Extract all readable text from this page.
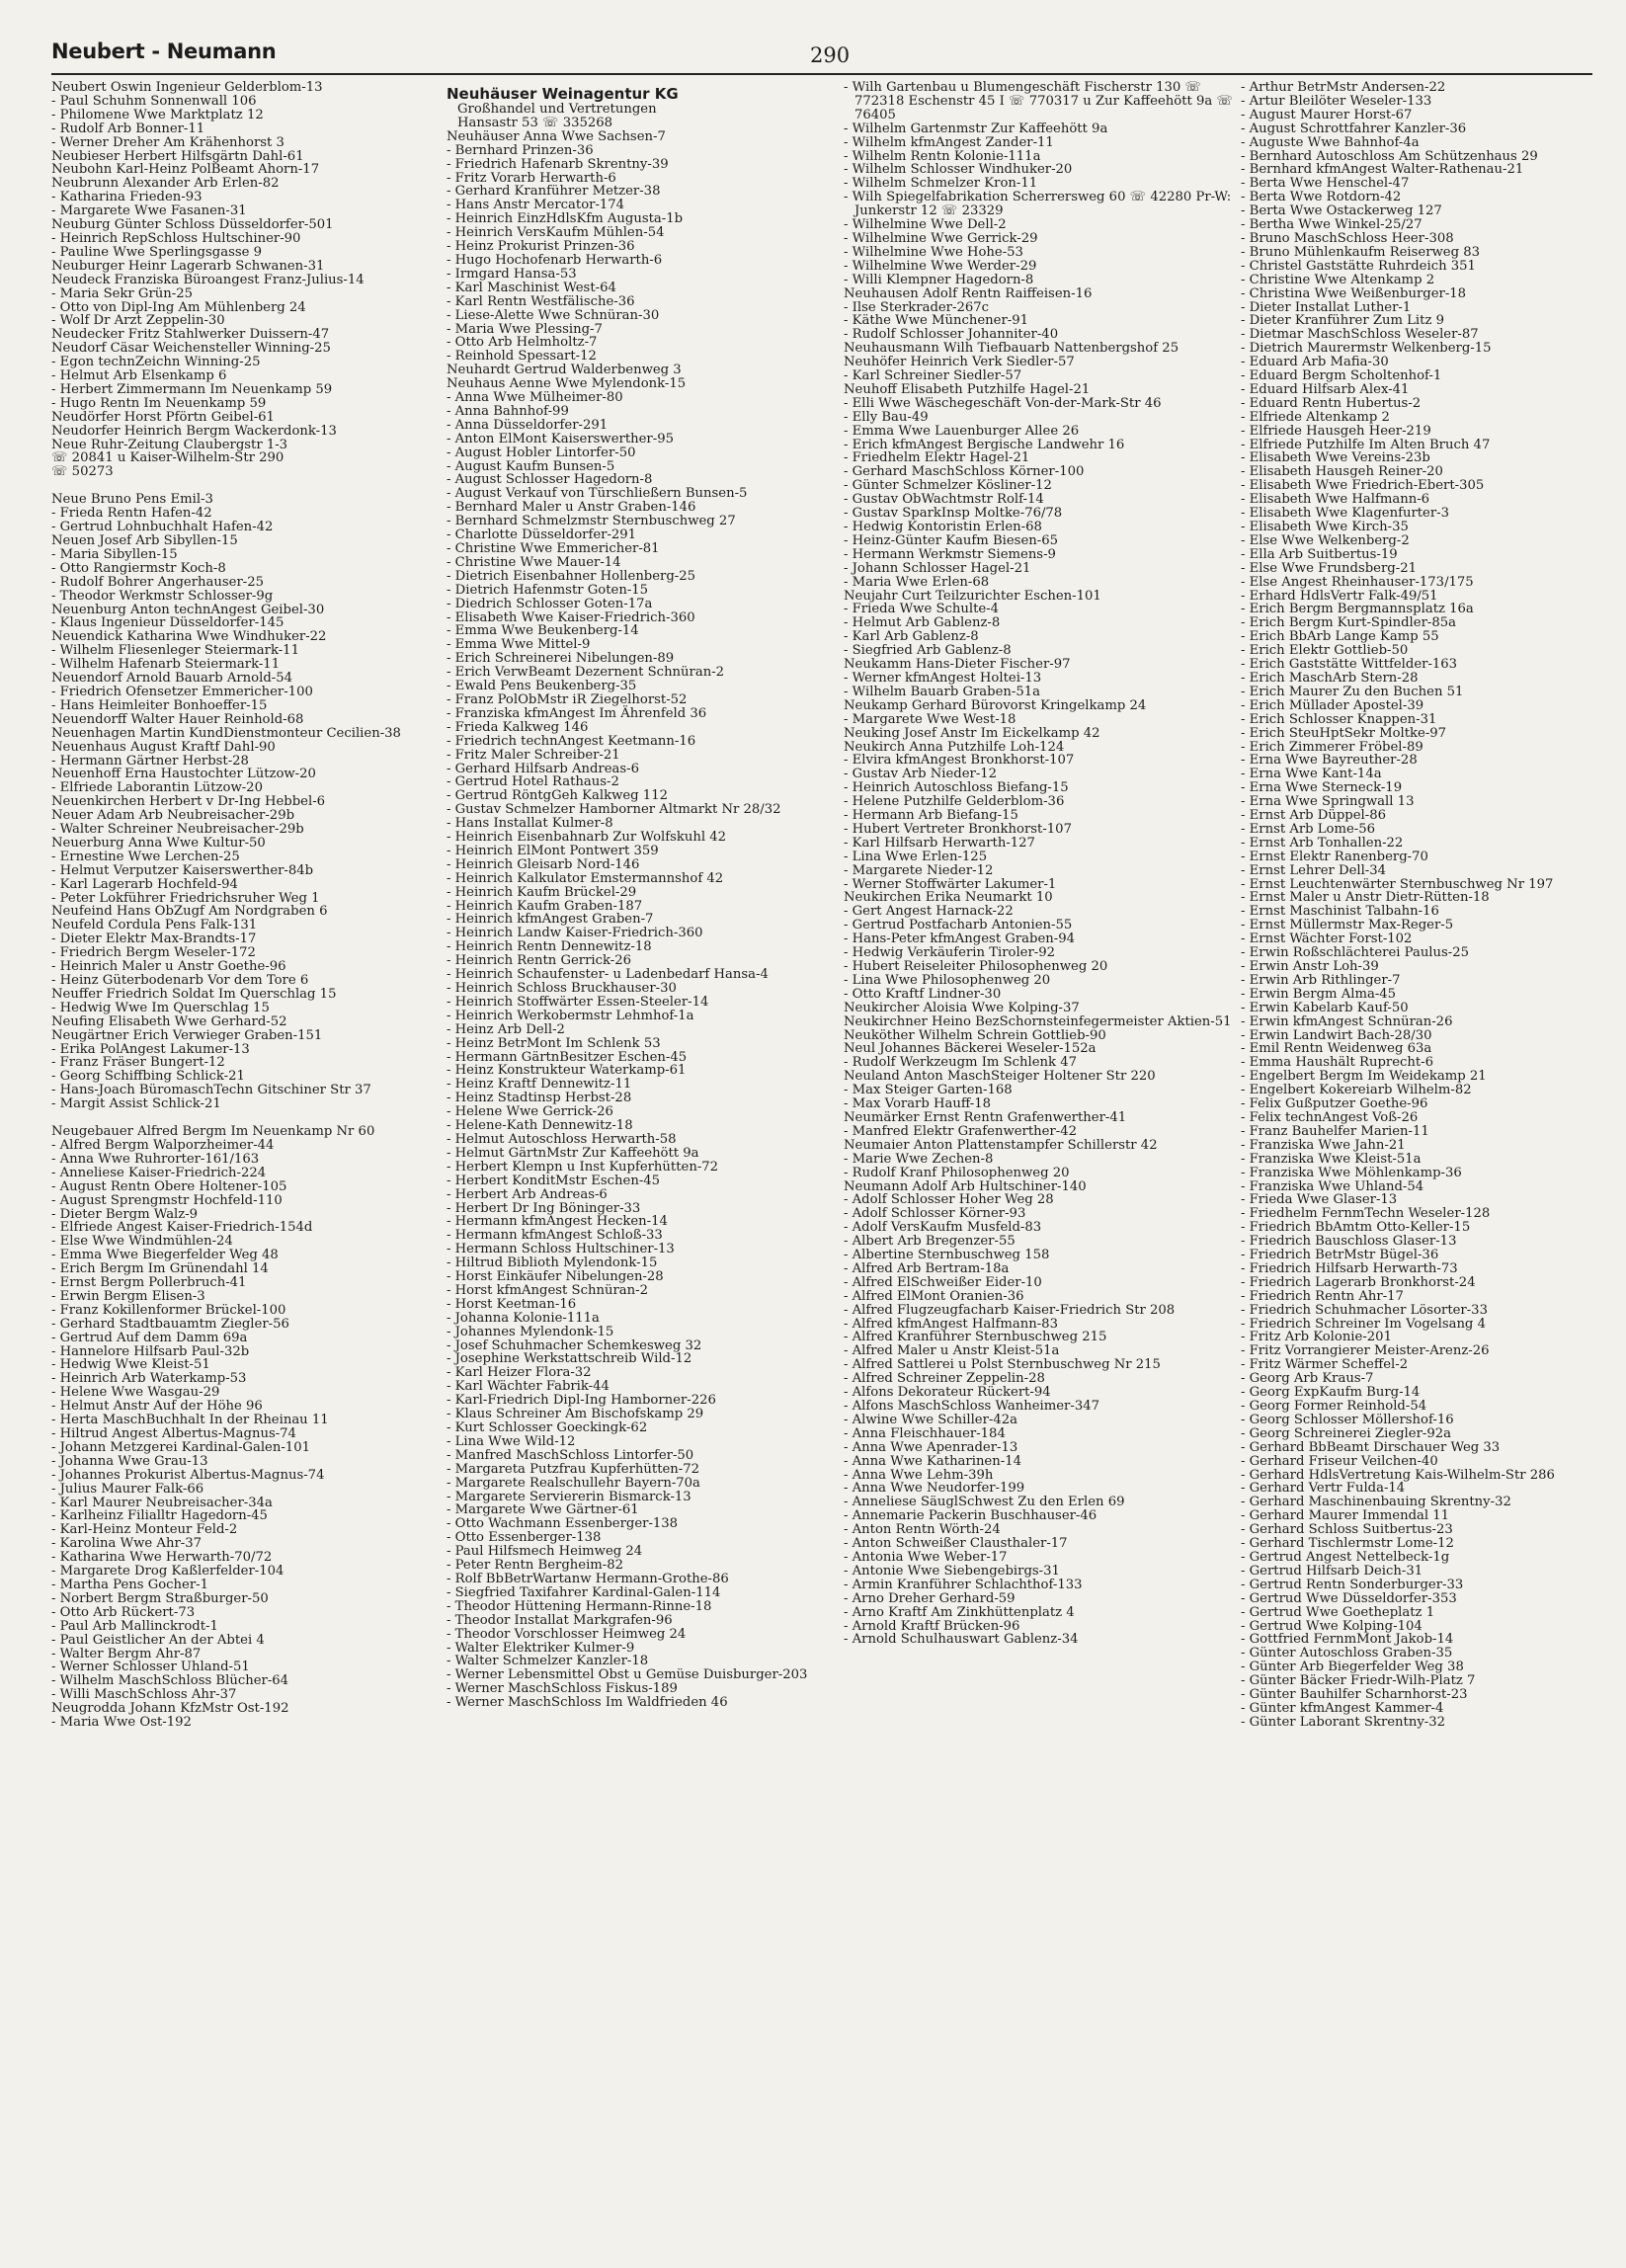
Neubert - Neumann	290
Neubert Oswin Ingenieur Gelderblom-13
- Paul Schuhm Sonnenwall 106
- Philomene Wwe Marktplatz 12
- Rudolf Arb Bonner-11
- Werner Dreher Am Krähenhorst 3
Neubieser Herbert Hilfsgärtn Dahl-61
Neubohn Karl-Heinz PolBeamt Ahorn-17
Neubrunn Alexander Arb Erlen-82
- Katharina Frieden-93
- Margarete Wwe Fasanen-31
Neuburg Günter Schloss Düsseldorfer-501
- Heinrich RepSchloss Hultschiner-90
- Pauline Wwe Sperlingsgasse 9
Neuburger Heinr Lagerarb Schwanen-31
Neudeck Franziska Büroangest Franz-Julius-14
- Maria Sekr Grün-25
- Otto von Dipl-Ing Am Mühlenberg 24
- Wolf Dr Arzt Zeppelin-30
Neudecker Fritz Stahlwerker Duissern-47
Neudorf Cäsar Weichensteller Winning-25
- Egon technZeichn Winning-25
- Helmut Arb Elsenkamp 6
- Herbert Zimmermann Im Neuenkamp 59
- Hugo Rentn Im Neuenkamp 59
Neudörfer Horst Pförtn Geibel-61
Neudorfer Heinrich Bergm Wackerdonk-13
Neue Ruhr-Zeitung Claubergstr 1-3
☏ 20841 u Kaiser-Wilhelm-Str 290
☏ 50273
Neue Bruno Pens Emil-3
- Frieda Rentn Hafen-42
- Gertrud Lohnbuchhalt Hafen-42
Neuen Josef Arb Sibyllen-15
- Maria Sibyllen-15
- Otto Rangiermstr Koch-8
- Rudolf Bohrer Angerhauser-25
- Theodor Werkmstr Schlosser-9g
Neuenburg Anton technAngest Geibel-30
- Klaus Ingenieur Düsseldorfer-145
Neuendick Katharina Wwe Windhuker-22
- Wilhelm Fliesenleger Steiermark-11
- Wilhelm Hafenarb Steiermark-11
Neuendorf Arnold Bauarb Arnold-54
- Friedrich Ofensetzer Emmericher-100
- Hans Heimleiter Bonhoeffer-15
Neuendorff Walter Hauer Reinhold-68
Neuenhagen Martin KundDienstmonteur Cecilien-38
Neuenhaus August Kraftf Dahl-90
- Hermann Gärtner Herbst-28
Neuenhoff Erna Haustochter Lützow-20
- Elfriede Laborantin Lützow-20
Neuenkirchen Herbert v Dr-Ing Hebbel-6
Neuer Adam Arb Neubreisacher-29b
- Walter Schreiner Neubreisacher-29b
Neuerburg Anna Wwe Kultur-50
- Ernestine Wwe Lerchen-25
- Helmut Verputzer Kaiserswerther-84b
- Karl Lagerarb Hochfeld-94
- Peter Lokführer Friedrichsruher Weg 1
Neufeind Hans ObZugf Am Nordgraben 6
Neufeld Cordula Pens Falk-131
- Dieter Elektr Max-Brandts-17
- Friedrich Bergm Weseler-172
- Heinrich Maler u Anstr Goethe-96
- Heinz Güterbodenarb Vor dem Tore 6
Neuffer Friedrich Soldat Im Querschlag 15
- Hedwig Wwe Im Querschlag 15
Neufing Elisabeth Wwe Gerhard-52
Neugärtner Erich Verwieger Graben-151
- Erika PolAngest Lakumer-13
- Franz Fräser Bungert-12
- Georg Schiffbing Schlick-21
- Hans-Joach BüromaschTechn Gitschiner Str 37
- Margit Assist Schlick-21
Neugebauer Alfred Bergm Im Neuenkamp Nr 60
- Alfred Bergm Walporzheimer-44
- Anna Wwe Ruhrorter-161/163
- Anneliese Kaiser-Friedrich-224
- August Rentn Obere Holtener-105
- August Sprengmstr Hochfeld-110
- Dieter Bergm Walz-9
- Elfriede Angest Kaiser-Friedrich-154d
- Else Wwe Windmühlen-24
- Emma Wwe Biegerfelder Weg 48
- Erich Bergm Im Grünendahl 14
- Ernst Bergm Pollerbruch-41
- Erwin Bergm Elisen-3
- Franz Kokillenformer Brückel-100
- Gerhard Stadtbauamtm Ziegler-56
- Gertrud Auf dem Damm 69a
- Hannelore Hilfsarb Paul-32b
- Hedwig Wwe Kleist-51
- Heinrich Arb Waterkamp-53
- Helene Wwe Wasgau-29
- Helmut Anstr Auf der Höhe 96
- Herta MaschBuchhalt In der Rheinau 11
- Hiltrud Angest Albertus-Magnus-74
- Johann Metzgerei Kardinal-Galen-101
- Johanna Wwe Grau-13
- Johannes Prokurist Albertus-Magnus-74
- Julius Maurer Falk-66
- Karl Maurer Neubreisacher-34a
- Karlheinz Filialltr Hagedorn-45
- Karl-Heinz Monteur Feld-2
- Karolina Wwe Ahr-37
- Katharina Wwe Herwarth-70/72
- Margarete Drog Kaßlerfelder-104
- Martha Pens Gocher-1
- Norbert Bergm Straßburger-50
- Otto Arb Rückert-73
- Paul Arb Mallinckrodt-1
- Paul Geistlicher An der Abtei 4
- Walter Bergm Ahr-87
- Werner Schlosser Uhland-51
- Wilhelm MaschSchloss Blücher-64
- Willi MaschSchloss Ahr-37
Neugrodda Johann KfzMstr Ost-192
- Maria Wwe Ost-192
Neuhäuser Weinagentur KG
Großhandel und Vertretungen
Hansastr 53 ☏ 335268
Neuhäuser Anna Wwe Sachsen-7
- Bernhard Prinzen-36
- Friedrich Hafenarb Skrentny-39
- Fritz Vorarb Herwarth-6
- Gerhard Kranführer Metzer-38
- Hans Anstr Mercator-174
- Heinrich EinzHdlsKfm Augusta-1b
- Heinrich VersKaufm Mühlen-54
- Heinz Prokurist Prinzen-36
- Hugo Hochofenarb Herwarth-6
- Irmgard Hansa-53
- Karl Maschinist West-64
- Karl Rentn Westfälische-36
- Liese-Alette Wwe Schnüran-30
- Maria Wwe Plessing-7
- Otto Arb Helmholtz-7
- Reinhold Spessart-12
Neuhardt Gertrud Walderbenweg 3
Neuhaus Aenne Wwe Mylendonk-15
- Anna Wwe Mülheimer-80
- Anna Bahnhof-99
- Anna Düsseldorfer-291
- Anton ElMont Kaiserswerther-95
- August Hobler Lintorfer-50
- August Kaufm Bunsen-5
- August Schlosser Hagedorn-8
- August Verkauf von Türschließern Bunsen-5
- Bernhard Maler u Anstr Graben-146
- Bernhard Schmelzmstr Sternbuschweg 27
- Charlotte Düsseldorfer-291
- Christine Wwe Emmericher-81
- Christine Wwe Mauer-14
- Dietrich Eisenbahner Hollenberg-25
- Dietrich Hafenmstr Goten-15
- Diedrich Schlosser Goten-17a
- Elisabeth Wwe Kaiser-Friedrich-360
- Emma Wwe Beukenberg-14
- Emma Wwe Mittel-9
- Erich Schreinerei Nibelungen-89
- Erich VerwBeamt Dezernent Schnüran-2
- Ewald Pens Beukenberg-35
- Franz PolObMstr iR Ziegelhorst-52
- Franziska kfmAngest Im Ährenfeld 36
- Frieda Kalkweg 146
- Friedrich technAngest Keetmann-16
- Fritz Maler Schreiber-21
- Gerhard Hilfsarb Andreas-6
- Gertrud Hotel Rathaus-2
- Gertrud RöntgGeh Kalkweg 112
- Gustav Schmelzer Hamborner Altmarkt Nr 28/32
- Hans Installat Kulmer-8
- Heinrich Eisenbahnarb Zur Wolfskuhl 42
- Heinrich ElMont Pontwert 359
- Heinrich Gleisarb Nord-146
- Heinrich Kalkulator Emstermannshof 42
- Heinrich Kaufm Brückel-29
- Heinrich Kaufm Graben-187
- Heinrich kfmAngest Graben-7
- Heinrich Landw Kaiser-Friedrich-360
- Heinrich Rentn Dennewitz-18
- Heinrich Rentn Gerrick-26
- Heinrich Schaufenster- u Ladenbedarf Hansa-4
- Heinrich Schloss Bruckhauser-30
- Heinrich Stoffwärter Essen-Steeler-14
- Heinrich Werkobermstr Lehmhof-1a
- Heinz Arb Dell-2
- Heinz BetrMont Im Schlenk 53
- Hermann GärtnBesitzer Eschen-45
- Heinz Konstrukteur Waterkamp-61
- Heinz Kraftf Dennewitz-11
- Heinz Stadtinsp Herbst-28
- Helene Wwe Gerrick-26
- Helene-Kath Dennewitz-18
- Helmut Autoschloss Herwarth-58
- Helmut GärtnMstr Zur Kaffeehött 9a
- Herbert Klempn u Inst Kupferhütten-72
- Herbert KonditMstr Eschen-45
- Herbert Arb Andreas-6
- Herbert Dr Ing Böninger-33
- Hermann kfmAngest Hecken-14
- Hermann kfmAngest Schloß-33
- Hermann Schloss Hultschiner-13
- Hiltrud Biblioth Mylendonk-15
- Horst Einkäufer Nibelungen-28
- Horst kfmAngest Schnüran-2
- Horst Keetman-16
- Johanna Kolonie-111a
- Johannes Mylendonk-15
- Josef Schuhmacher Schemkesweg 32
- Josephine Werkstattschreib Wild-12
- Karl Heizer Flora-32
- Karl Wächter Fabrik-44
- Karl-Friedrich Dipl-Ing Hamborner-226
- Klaus Schreiner Am Bischofskamp 29
- Kurt Schlosser Goeckingk-62
- Lina Wwe Wild-12
- Manfred MaschSchloss Lintorfer-50
- Margareta Putzfrau Kupferhütten-72
- Margarete Realschullehr Bayern-70a
- Margarete Serviererin Bismarck-13
- Margarete Wwe Gärtner-61
- Otto Wachmann Essenberger-138
- Otto Essenberger-138
- Paul Hilfsmech Heimweg 24
- Peter Rentn Bergheim-82
- Rolf BbBetrWartanw Hermann-Grothe-86
- Siegfried Taxifahrer Kardinal-Galen-114
- Theodor Hüttening Hermann-Rinne-18
- Theodor Installat Markgrafen-96
- Theodor Vorschlosser Heimweg 24
- Walter Elektriker Kulmer-9
- Walter Schmelzer Kanzler-18
- Werner Lebensmittel Obst u Gemüse Duisburger-203
- Werner MaschSchloss Fiskus-189
- Werner MaschSchloss Im Waldfrieden 46
- Wilh Gartenbau u Blumengeschäft Fischerstr 130 ☏ 772318 Eschenstr 45 I ☏ 770317 u Zur Kaffeehött 9a ☏ 76405
- Wilhelm Gartenmstr Zur Kaffeehött 9a
- Wilhelm kfmAngest Zander-11
- Wilhelm Rentn Kolonie-111a
- Wilhelm Schlosser Windhuker-20
- Wilhelm Schmelzer Kron-11
- Wilh Spiegelfabrikation Scherrersweg 60 ☏ 42280 Pr-W: Junkerstr 12 ☏ 23329
- Wilhelmine Wwe Dell-2
- Wilhelmine Wwe Gerrick-29
- Wilhelmine Wwe Hohe-53
- Wilhelmine Wwe Werder-29
- Willi Klempner Hagedorn-8
Neuhausen Adolf Rentn Raiffeisen-16
- Ilse Sterkrader-267c
- Käthe Wwe Münchener-91
- Rudolf Schlosser Johanniter-40
Neuhausmann Wilh Tiefbauarb Nattenbergshof 25
Neuhöfer Heinrich Verk Siedler-57
- Karl Schreiner Siedler-57
Neuhoff Elisabeth Putzhilfe Hagel-21
- Elli Wwe Wäschegeschäft Von-der-Mark-Str 46
- Elly Bau-49
- Emma Wwe Lauenburger Allee 26
- Erich kfmAngest Bergische Landwehr 16
- Friedhelm Elektr Hagel-21
- Gerhard MaschSchloss Körner-100
- Günter Schmelzer Kösliner-12
- Gustav ObWachtmstr Rolf-14
- Gustav SparkInsp Moltke-76/78
- Hedwig Kontoristin Erlen-68
- Heinz-Günter Kaufm Biesen-65
- Hermann Werkmstr Siemens-9
- Johann Schlosser Hagel-21
- Maria Wwe Erlen-68
Neujahr Curt Teilzurichter Eschen-101
- Frieda Wwe Schulte-4
- Helmut Arb Gablenz-8
- Karl Arb Gablenz-8
- Siegfried Arb Gablenz-8
Neukamm Hans-Dieter Fischer-97
- Werner kfmAngest Holtei-13
- Wilhelm Bauarb Graben-51a
Neukamp Gerhard Bürovorst Kringelkamp 24
- Margarete Wwe West-18
Neuking Josef Anstr Im Eickelkamp 42
Neukirch Anna Putzhilfe Loh-124
- Elvira kfmAngest Bronkhorst-107
- Gustav Arb Nieder-12
- Heinrich Autoschloss Biefang-15
- Helene Putzhilfe Gelderblom-36
- Hermann Arb Biefang-15
- Hubert Vertreter Bronkhorst-107
- Karl Hilfsarb Herwarth-127
- Lina Wwe Erlen-125
- Margarete Nieder-12
- Werner Stoffwärter Lakumer-1
Neukirchen Erika Neumarkt 10
- Gert Angest Harnack-22
- Gertrud Postfacharb Antonien-55
- Hans-Peter kfmAngest Graben-94
- Hedwig Verkäuferin Tiroler-92
- Hubert Reiseleiter Philosophenweg 20
- Lina Wwe Philosophenweg 20
- Otto Kraftf Lindner-30
Neukircher Aloisia Wwe Kolping-37
Neukirchner Heino BezSchornsteinfegermeister Aktien-51
Neuköther Wilhelm Schrein Gottlieb-90
Neul Johannes Bäckerei Weseler-152a
- Rudolf Werkzeugm Im Schlenk 47
Neuland Anton MaschSteiger Holtener Str 220
- Max Steiger Garten-168
- Max Vorarb Hauff-18
Neumärker Ernst Rentn Grafenwerther-41
- Manfred Elektr Grafenwerther-42
Neumaier Anton Plattenstampfer Schillerstr 42
- Marie Wwe Zechen-8
- Rudolf Kranf Philosophenweg 20
Neumann Adolf Arb Hultschiner-140
- Adolf Schlosser Hoher Weg 28
- Adolf Schlosser Körner-93
- Adolf VersKaufm Musfeld-83
- Albert Arb Bregenzer-55
- Albertine Sternbuschweg 158
- Alfred Arb Bertram-18a
- Alfred ElSchweißer Eider-10
- Alfred ElMont Oranien-36
- Alfred Flugzeugfacharb Kaiser-Friedrich Str 208
- Alfred kfmAngest Halfmann-83
- Alfred Kranführer Sternbuschweg 215
- Alfred Maler u Anstr Kleist-51a
- Alfred Sattlerei u Polst Sternbuschweg Nr 215
- Alfred Schreiner Zeppelin-28
- Alfons Dekorateur Rückert-94
- Alfons MaschSchloss Wanheimer-347
- Alwine Wwe Schiller-42a
- Anna Fleischhauer-184
- Anna Wwe Apenrader-13
- Anna Wwe Katharinen-14
- Anna Wwe Lehm-39h
- Anna Wwe Neudorfer-199
- Anneliese SäuglSchwest Zu den Erlen 69
- Annemarie Packerin Buschhauser-46
- Anton Rentn Wörth-24
- Anton Schweißer Clausthaler-17
- Antonia Wwe Weber-17
- Antonie Wwe Siebengebirgs-31
- Armin Kranführer Schlachthof-133
- Arno Dreher Gerhard-59
- Arno Kraftf Am Zinkhüttenplatz 4
- Arnold Kraftf Brücken-96
- Arnold Schulhauswart Gablenz-34
- Arthur BetrMstr Andersen-22
- Artur Bleilöter Weseler-133
- August Maurer Horst-67
- August Schrottfahrer Kanzler-36
- Auguste Wwe Bahnhof-4a
- Bernhard Autoschloss Am Schützenhaus 29
- Bernhard kfmAngest Walter-Rathenau-21
- Berta Wwe Henschel-47
- Berta Wwe Rotdorn-42
- Berta Wwe Ostackerweg 127
- Bertha Wwe Winkel-25/27
- Bruno MaschSchloss Heer-308
- Bruno Mühlenkaufm Reiserweg 83
- Christel Gaststätte Ruhrdeich 351
- Christine Wwe Altenkamp 2
- Christina Wwe Weißenburger-18
- Dieter Installat Luther-1
- Dieter Kranführer Zum Litz 9
- Dietmar MaschSchloss Weseler-87
- Dietrich Maurermstr Welkenberg-15
- Eduard Arb Mafia-30
- Eduard Bergm Scholtenhof-1
- Eduard Hilfsarb Alex-41
- Eduard Rentn Hubertus-2
- Elfriede Altenkamp 2
- Elfriede Hausgeh Heer-219
- Elfriede Putzhilfe Im Alten Bruch 47
- Elisabeth Wwe Vereins-23b
- Elisabeth Hausgeh Reiner-20
- Elisabeth Wwe Friedrich-Ebert-305
- Elisabeth Wwe Halfmann-6
- Elisabeth Wwe Klagenfurter-3
- Elisabeth Wwe Kirch-35
- Else Wwe Welkenberg-2
- Ella Arb Suitbertus-19
- Else Wwe Frundsberg-21
- Else Angest Rheinhauser-173/175
- Erhard HdlsVertr Falk-49/51
- Erich Bergm Bergmannsplatz 16a
- Erich Bergm Kurt-Spindler-85a
- Erich BbArb Lange Kamp 55
- Erich Elektr Gottlieb-50
- Erich Gaststätte Wittfelder-163
- Erich MaschArb Stern-28
- Erich Maurer Zu den Buchen 51
- Erich Müllader Apostel-39
- Erich Schlosser Knappen-31
- Erich SteuHptSekr Moltke-97
- Erich Zimmerer Fröbel-89
- Erna Wwe Bayreuther-28
- Erna Wwe Kant-14a
- Erna Wwe Sterneck-19
- Erna Wwe Springwall 13
- Ernst Arb Düppel-86
- Ernst Arb Lome-56
- Ernst Arb Tonhallen-22
- Ernst Elektr Ranenberg-70
- Ernst Lehrer Dell-34
- Ernst Leuchtenwärter Sternbuschweg Nr 197
- Ernst Maler u Anstr Dietr-Rütten-18
- Ernst Maschinist Talbahn-16
- Ernst Müllermstr Max-Reger-5
- Ernst Wächter Forst-102
- Erwin Roßschlächterei Paulus-25
- Erwin Anstr Loh-39
- Erwin Arb Rithlinger-7
- Erwin Bergm Alma-45
- Erwin Kabelarb Kauf-50
- Erwin kfmAngest Schnüran-26
- Erwin Landwirt Bach-28/30
- Emil Rentn Weidenweg 63a
- Emma Haushält Ruprecht-6
- Engelbert Bergm Im Weidekamp 21
- Engelbert Kokereiarb Wilhelm-82
- Felix Gußputzer Goethe-96
- Felix technAngest Voß-26
- Franz Bauhelfer Marien-11
- Franziska Wwe Jahn-21
- Franziska Wwe Kleist-51a
- Franziska Wwe Möhlenkamp-36
- Franziska Wwe Uhland-54
- Frieda Wwe Glaser-13
- Friedhelm FernmTechn Weseler-128
- Friedrich BbAmtm Otto-Keller-15
- Friedrich Bauschloss Glaser-13
- Friedrich BetrMstr Bügel-36
- Friedrich Hilfsarb Herwarth-73
- Friedrich Lagerarb Bronkhorst-24
- Friedrich Rentn Ahr-17
- Friedrich Schuhmacher Lösorter-33
- Friedrich Schreiner Im Vogelsang 4
- Fritz Arb Kolonie-201
- Fritz Vorrangierer Meister-Arenz-26
- Fritz Wärmer Scheffel-2
- Georg Arb Kraus-7
- Georg ExpKaufm Burg-14
- Georg Former Reinhold-54
- Georg Schlosser Möllershof-16
- Georg Schreinerei Ziegler-92a
- Gerhard BbBeamt Dirschauer Weg 33
- Gerhard Friseur Veilchen-40
- Gerhard HdlsVertretung Kais-Wilhelm-Str 286
- Gerhard Vertr Fulda-14
- Gerhard Maschinenbauing Skrentny-32
- Gerhard Maurer Immendal 11
- Gerhard Schloss Suitbertus-23
- Gerhard Tischlermstr Lome-12
- Gertrud Angest Nettelbeck-1g
- Gertrud Hilfsarb Deich-31
- Gertrud Rentn Sonderburger-33
- Gertrud Wwe Düsseldorfer-353
- Gertrud Wwe Goetheplatz 1
- Gertrud Wwe Kolping-104
- Gottfried FernmMont Jakob-14
- Günter Autoschloss Graben-35
- Günter Arb Biegerfelder Weg 38
- Günter Bäcker Friedr-Wilh-Platz 7
- Günter Bauhilfer Scharnhorst-23
- Günter kfmAngest Kammer-4
- Günter Laborant Skrentny-32
